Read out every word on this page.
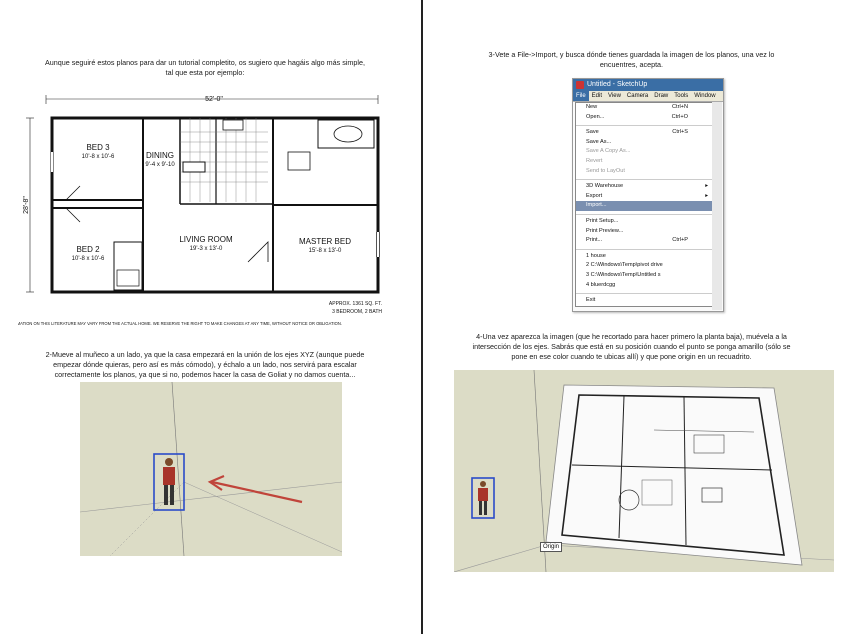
Aunque seguiré estos planos para dar un tutorial completito, os sugiero que hagáis algo más simple,
tal que esta por ejemplo:
52'-0"
28'-8"
BED 3
10'-8 x 10'-6	DINING
9'-4 x 9'-10
LIVING ROOM
19'-3 x 13'-0
MASTER BED
15'-8 x 13'-0
BED 2
10'-8 x 10'-6
APPROX. 1361 SQ. FT.
3 BEDROOM, 2 BATH
INFORMATION ON THIS LITERATURE MAY VARY FROM THE ACTUAL HOME. WE RESERVE THE RIGHT TO MAKE CHANGES AT ANY TIME, WITHOUT NOTICE OR OBLIGATION.
2-Mueve al muñeco a un lado, ya que la casa empezará en la unión de los ejes XYZ (aunque puede
empezar dónde quieras, pero así es más cómodo), y échalo a un lado, nos servirá para escalar
correctamente los planos, ya que si no, podemos hacer la casa de Goliat y no damos cuenta...
3-Vete a File->Import, y busca dónde tienes guardada la imagen de los planos, una vez lo
encuentres, acepta.
4-Una vez aparezca la imagen (que he recortado para hacer primero la planta baja), muévela a la
intersección de los ejes. Sabrás que está en su posición cuando el punto se ponga amarillo (sólo se
pone en ese color cuando te ubicas allí) y que pone origin en un recuadrito.
Origin
Untitled - SketchUp
File	Edit	View	Camera	Draw	Tools	Window
New	Ctrl+N
Open...	Ctrl+O
Save	Ctrl+S
Save As...
Save A Copy As...
Revert
Send to LayOut
3D Warehouse	▸
Export	▸
Import...
Print Setup...
Print Preview...
Print...	Ctrl+P
1 house
2 C:\Windows\Temp\pivot drive
3 C:\Windows\Temp\Untitled s
4 bluerdcgg
Exit
